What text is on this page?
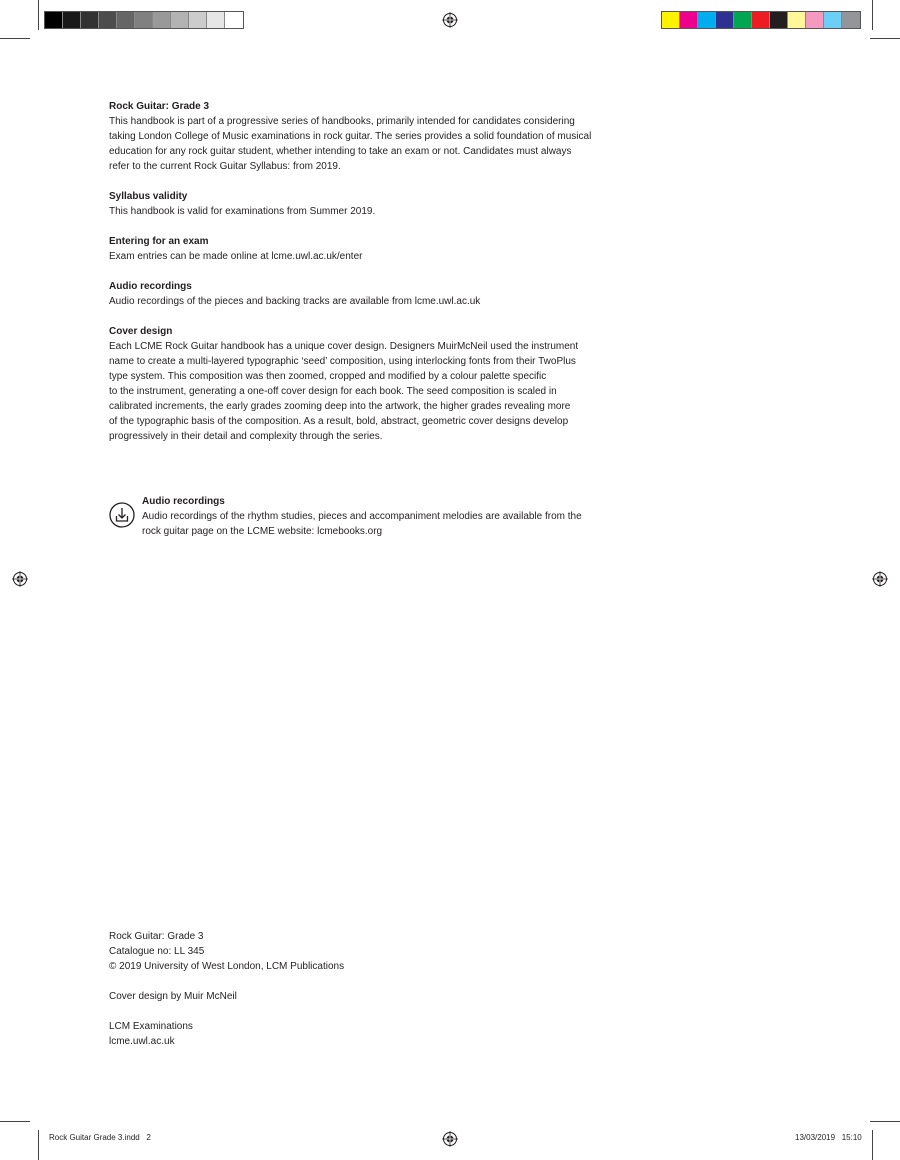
Rock Guitar: Grade 3

This handbook is part of a progressive series of handbooks, primarily intended for candidates considering

taking London College of Music examinations in rock guitar. The series provides a solid foundation of musical

education for any rock guitar student, whether intending to take an exam or not. Candidates must always

refer to the current Rock Guitar Syllabus: from 2019.

Syllabus validity

This handbook is valid for examinations from Summer 2019.

Entering for an exam

Exam entries can be made online at lcme.uwl.ac.uk/enter

Audio recordings

Audio recordings of the pieces and backing tracks are available from lcme.uwl.ac.uk

Cover design

Each LCME Rock Guitar handbook has a unique cover design. Designers MuirMcNeil used the instrument

name to create a multi-layered typographic ‘seed’ composition, using interlocking fonts from their TwoPlus

type system. This composition was then zoomed, cropped and modified by a colour palette specific

to the instrument, generating a one-off cover design for each book. The seed composition is scaled in

calibrated increments, the early grades zooming deep into the artwork, the higher grades revealing more

of the typographic basis of the composition. As a result, bold, abstract, geometric cover designs develop

progressively in their detail and complexity through the series.

Audio recordings

Audio recordings of the rhythm studies, pieces and accompaniment melodies are available from the

rock guitar page on the LCME website: lcmebooks.org

Rock Guitar: Grade 3

Catalogue no: LL 345

© 2019 University of West London, LCM Publications

Cover design by Muir McNeil

LCM Examinations

lcme.uwl.ac.uk

Rock Guitar Grade 3.indd   2	13/03/2019   15:10
